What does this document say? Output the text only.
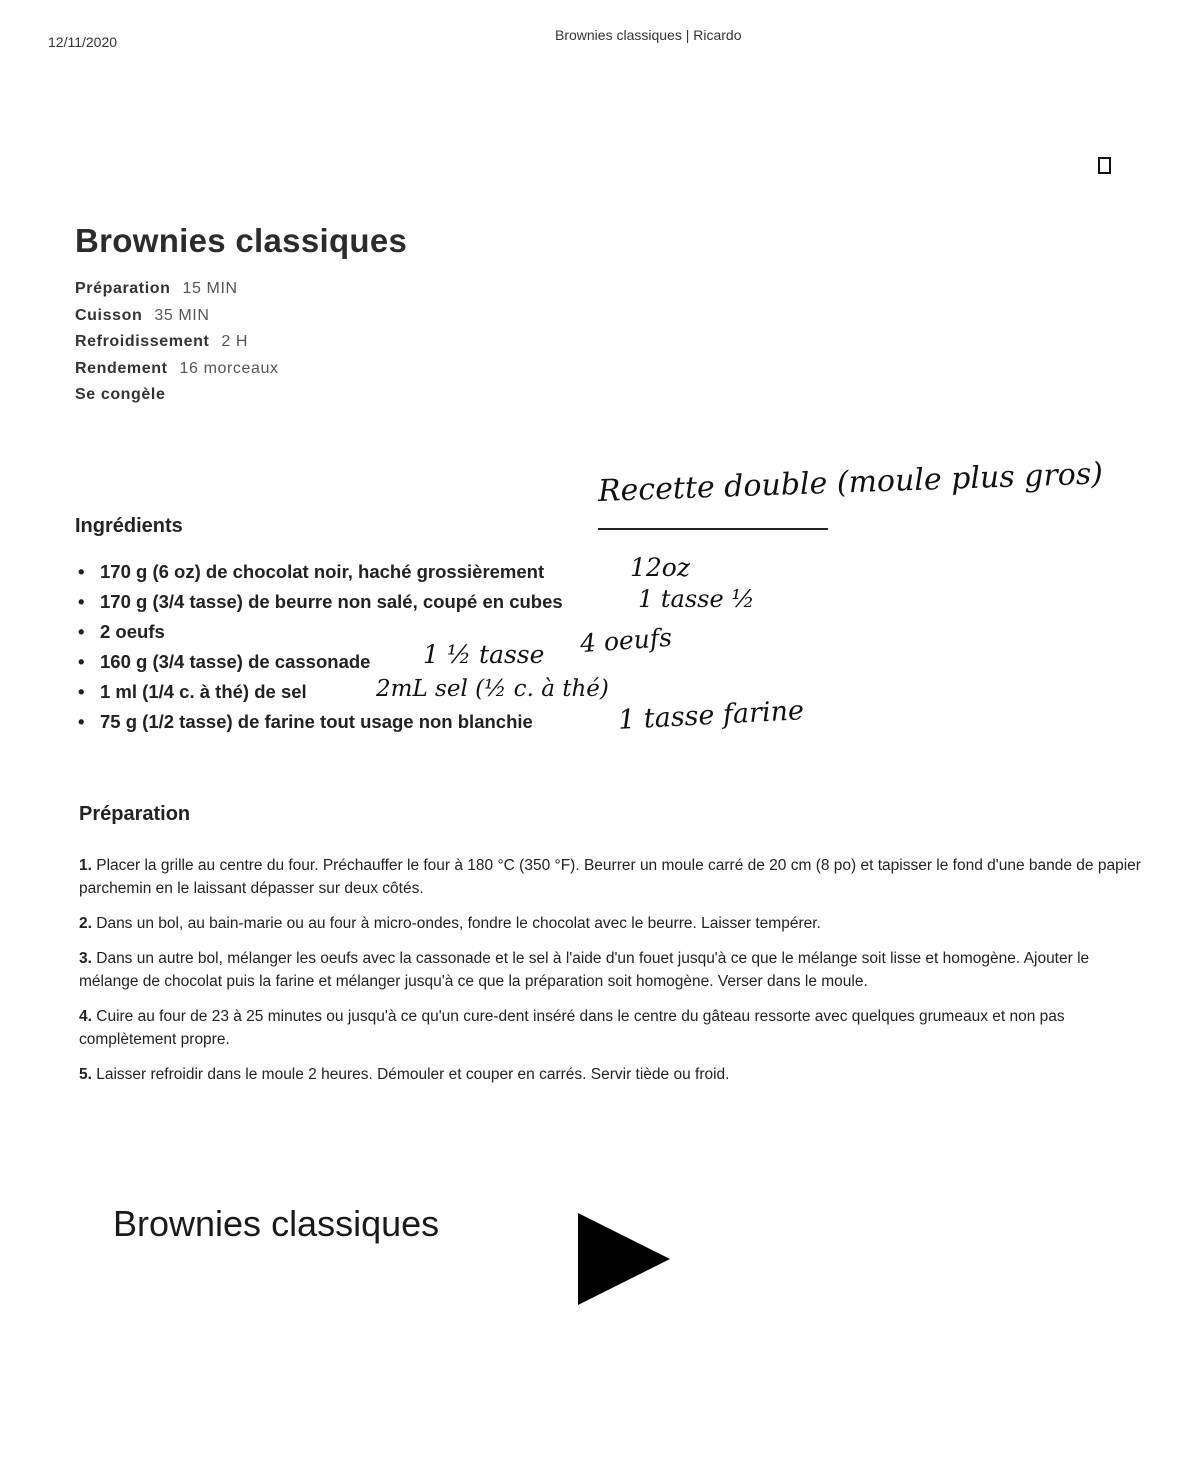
12/11/2020	Brownies classiques | Ricardo
Brownies classiques
Préparation 15 MIN
Cuisson 35 MIN
Refroidissement 2 H
Rendement 16 morceaux
Se congèle
Recette double (moule plus gros)
Ingrédients
• 170 g (6 oz) de chocolat noir, haché grossièrement
• 170 g (3/4 tasse) de beurre non salé, coupé en cubes
• 2 oeufs
• 160 g (3/4 tasse) de cassonade
• 1 ml (1/4 c. à thé) de sel
• 75 g (1/2 tasse) de farine tout usage non blanchie
12oz
1 tasse ½
1 ½ tasse 4 oeufs
2mL sel (½ c. à thé)
1 tasse farine
Préparation
1. Placer la grille au centre du four. Préchauffer le four à 180 °C (350 °F). Beurrer un moule carré de 20 cm (8 po) et tapisser le fond d'une bande de papier parchemin en le laissant dépasser sur deux côtés.
2. Dans un bol, au bain-marie ou au four à micro-ondes, fondre le chocolat avec le beurre. Laisser tempérer.
3. Dans un autre bol, mélanger les oeufs avec la cassonade et le sel à l'aide d'un fouet jusqu'à ce que le mélange soit lisse et homogène. Ajouter le mélange de chocolat puis la farine et mélanger jusqu'à ce que la préparation soit homogène. Verser dans le moule.
4. Cuire au four de 23 à 25 minutes ou jusqu'à ce qu'un cure-dent inséré dans le centre du gâteau ressorte avec quelques grumeaux et non pas complètement propre.
5. Laisser refroidir dans le moule 2 heures. Démouler et couper en carrés. Servir tiède ou froid.
Brownies classiques
